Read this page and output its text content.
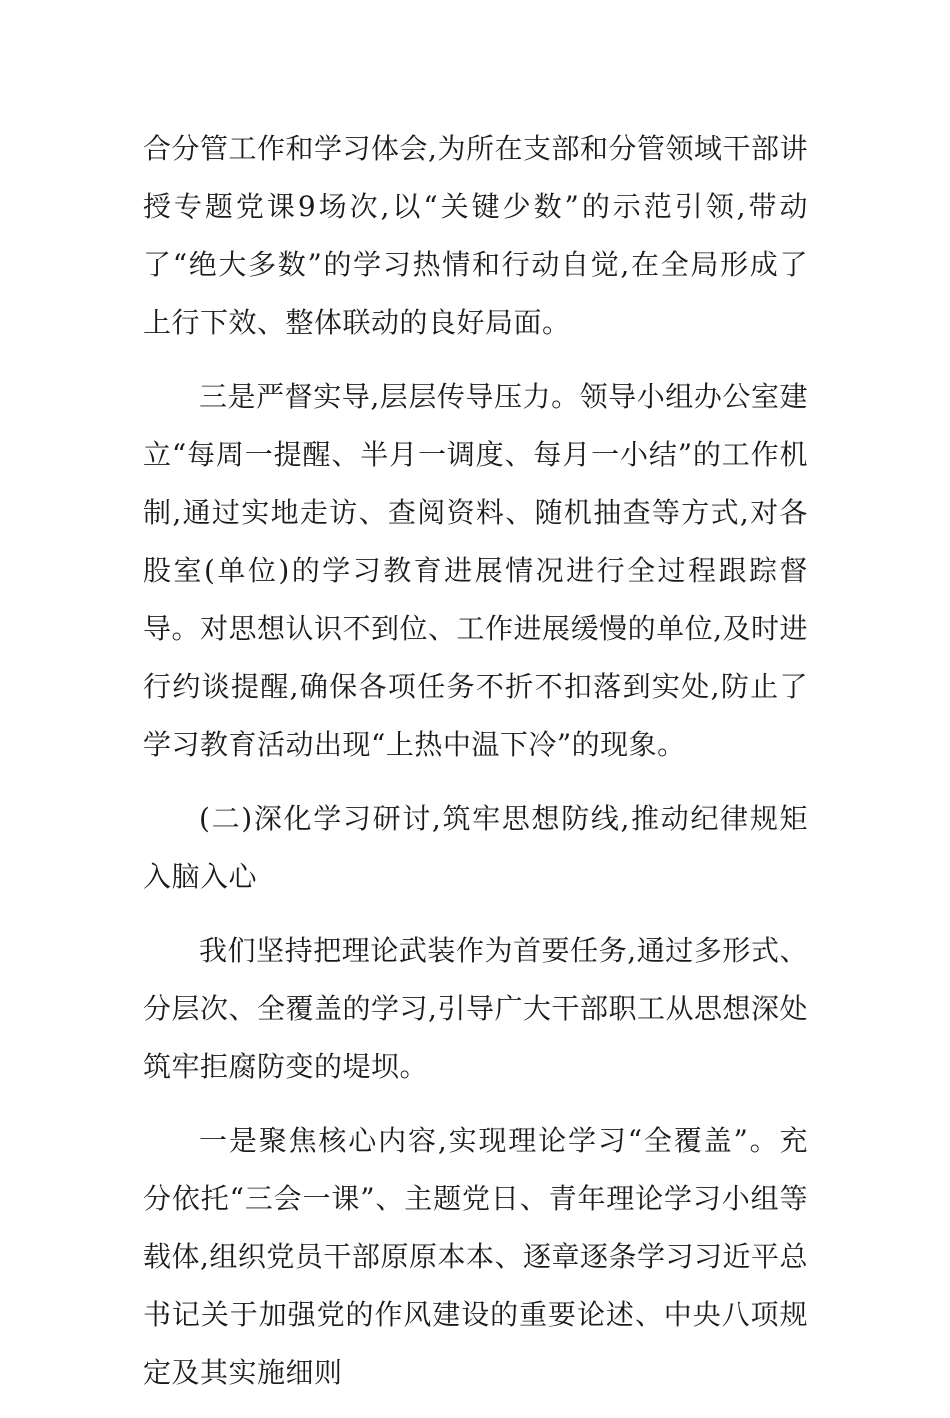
合分管工作和学习体会,为所在支部和分管领域干部讲授专题党课9场次,以“关键少数”的示范引领,带动了“绝大多数”的学习热情和行动自觉,在全局形成了上行下效、整体联动的良好局面。

三是严督实导,层层传导压力。领导小组办公室建立“每周一提醒、半月一调度、每月一小结”的工作机制,通过实地走访、查阅资料、随机抽查等方式,对各股室(单位)的学习教育进展情况进行全过程跟踪督导。对思想认识不到位、工作进展缓慢的单位,及时进行约谈提醒,确保各项任务不折不扣落到实处,防止了学习教育活动出现“上热中温下冷”的现象。

(二)深化学习研讨,筑牢思想防线,推动纪律规矩入脑入心

我们坚持把理论武装作为首要任务,通过多形式、分层次、全覆盖的学习,引导广大干部职工从思想深处筑牢拒腐防变的堤坝。

一是聚焦核心内容,实现理论学习“全覆盖”。充分依托“三会一课”、主题党日、青年理论学习小组等载体,组织党员干部原原本本、逐章逐条学习习近平总书记关于加强党的作风建设的重要论述、中央八项规定及其实施细则
